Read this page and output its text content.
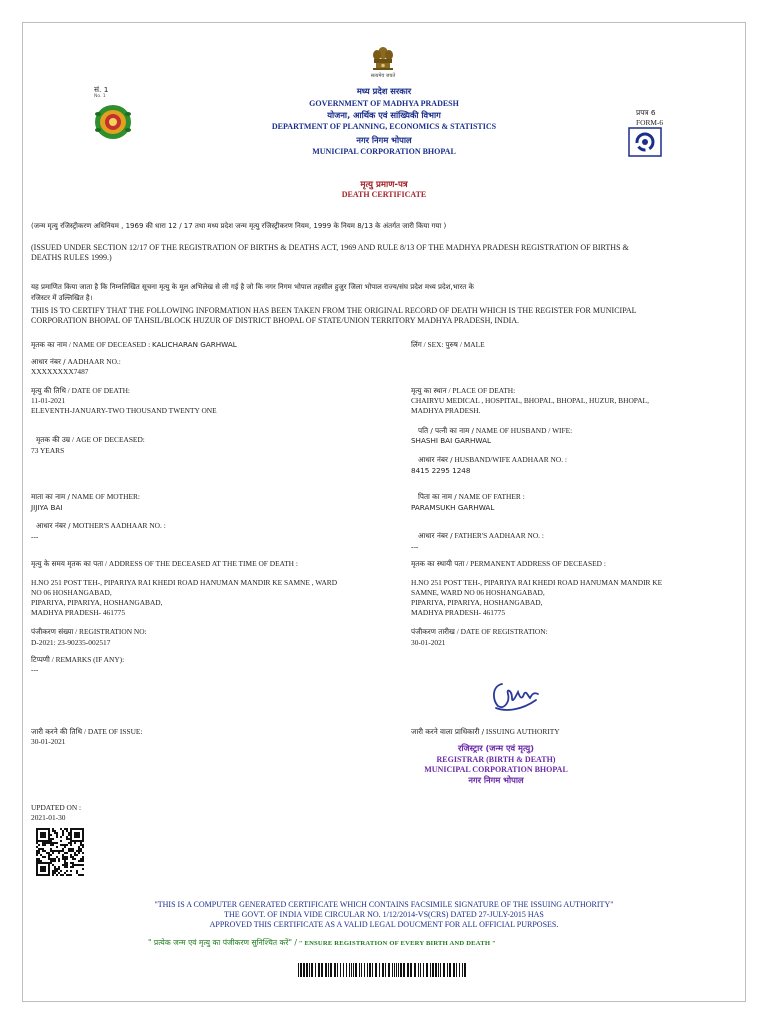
सत्यमेव जयते
सं. 1
No. 1
मध्य प्रदेश सरकार
GOVERNMENT OF MADHYA PRADESH
योजना, आर्थिक एवं सांख्यिकी विभाग
DEPARTMENT OF PLANNING, ECONOMICS & STATISTICS
नगर निगम भोपाल
MUNICIPAL CORPORATION BHOPAL
प्रपत्र 6
FORM-6
मृत्यु प्रमाण-पत्र
DEATH CERTIFICATE
(जन्म मृत्यु रजिस्ट्रीकरण अधिनियम , 1969 की धारा 12 / 17 तथा मध्य प्रदेश जन्म मृत्यु रजिस्ट्रीकरण नियम, 1999 के नियम 8/13 के अंतर्गत जारी किया गया )
(ISSUED UNDER SECTION 12/17 OF THE REGISTRATION OF BIRTHS & DEATHS ACT, 1969 AND RULE 8/13 OF THE MADHYA PRADESH REGISTRATION OF BIRTHS &
DEATHS RULES 1999.)
यह प्रमाणित किया जाता है कि निम्नलिखित सूचना मृत्यु के मूल अभिलेख से ली गई है जो कि नगर निगम भोपाल तहसील हुजुर जिला भोपाल राज्य/संघ प्रदेश मध्य प्रदेश,भारत के
रजिस्टर में उल्लिखित है।
THIS IS TO CERTIFY THAT THE FOLLOWING INFORMATION HAS BEEN TAKEN FROM THE ORIGINAL RECORD OF DEATH WHICH IS THE REGISTER FOR MUNICIPAL
CORPORATION BHOPAL OF TAHSIL/BLOCK HUZUR OF DISTRICT BHOPAL OF STATE/UNION TERRITORY MADHYA PRADESH, INDIA.
मृतक का नाम / NAME OF DECEASED : KALICHARAN GARHWAL	लिंग / SEX: पुरुष / MALE
आधार नंबर / AADHAAR NO.:
XXXXXXXX7487
मृत्यु की तिथि / DATE OF DEATH:
11-01-2021
ELEVENTH-JANUARY-TWO THOUSAND TWENTY ONE
मृत्यु का स्थान / PLACE OF DEATH:
CHAIRYU MEDICAL , HOSPITAL, BHOPAL, BHOPAL, HUZUR, BHOPAL,
MADHYA PRADESH.
मृतक की उम्र / AGE OF DECEASED:
73 YEARS
पति / पत्नी का नाम / NAME OF HUSBAND / WIFE:
SHASHI BAI GARHWAL
आधार नंबर / HUSBAND/WIFE AADHAAR NO. :
8415 2295 1248
माता का नाम / NAME OF MOTHER:
JIJIYA BAI
पिता का नाम / NAME OF FATHER :
PARAMSUKH GARHWAL
आधार नंबर / MOTHER'S AADHAAR NO. :
---	आधार नंबर / FATHER'S AADHAAR NO. :
---
मृत्यु के समय मृतक का पता / ADDRESS OF THE DECEASED AT THE TIME OF DEATH :
H.NO 251 POST TEH-, PIPARIYA RAI KHEDI ROAD HANUMAN MANDIR KE SAMNE , WARD
NO 06 HOSHANGABAD,
PIPARIYA, PIPARIYA, HOSHANGABAD,
MADHYA PRADESH- 461775
मृतक का स्थायी पता / PERMANENT ADDRESS OF DECEASED :
H.NO 251 POST TEH-, PIPARIYA RAI KHEDI ROAD HANUMAN MANDIR KE
SAMNE, WARD NO 06 HOSHANGABAD,
PIPARIYA, PIPARIYA, HOSHANGABAD,
MADHYA PRADESH- 461775
पंजीकरण संख्या / REGISTRATION NO:
D-2021: 23-90235-002517
पंजीकरण तारीख / DATE OF REGISTRATION:
30-01-2021
टिप्पणी / REMARKS (IF ANY):
---
जारी करने की तिथि / DATE OF ISSUE:
30-01-2021
जारी करने वाला प्राधिकारी / ISSUING AUTHORITY
रजिस्ट्रार (जन्म एवं मृत्यु)
REGISTRAR (BIRTH & DEATH)
MUNICIPAL CORPORATION BHOPAL
नगर निगम भोपाल
UPDATED ON :
2021-01-30
"THIS IS A COMPUTER GENERATED CERTIFICATE WHICH CONTAINS FACSIMILE SIGNATURE OF THE ISSUING AUTHORITY"
THE GOVT. OF INDIA VIDE CIRCULAR NO. 1/12/2014-VS(CRS) DATED 27-JULY-2015 HAS
APPROVED THIS CERTIFICATE AS A VALID LEGAL DOUCMENT FOR ALL OFFICIAL PURPOSES.
" प्रत्येक जन्म एवं मृत्यु का पंजीकरण सुनिश्चित करें" / " ENSURE REGISTRATION OF EVERY BIRTH AND DEATH "
